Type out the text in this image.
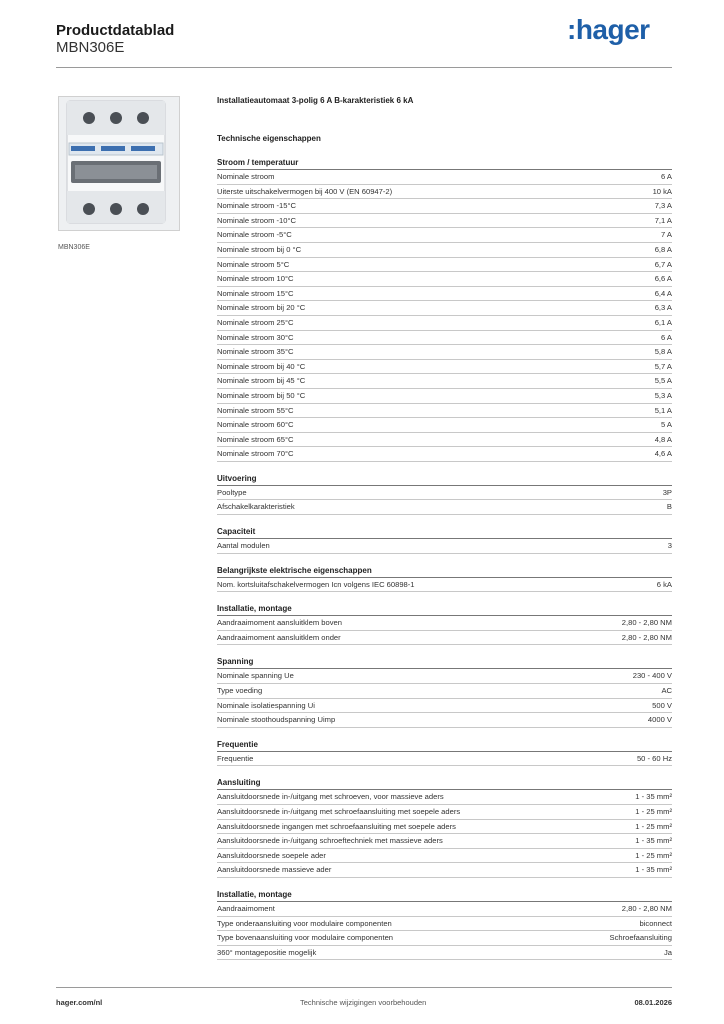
Productdatablad
MBN306E
:hager
MBN306E
Installatieautomaat 3-polig 6 A B-karakteristiek 6 kA
Technische eigenschappen
Stroom / temperatuur
Nominale stroom	6 A
Uiterste uitschakelvermogen bij 400 V (EN 60947-2)	10 kA
Nominale stroom -15°C	7,3 A
Nominale stroom -10°C	7,1 A
Nominale stroom -5°C	7 A
Nominale stroom bij 0 °C	6,8 A
Nominale stroom 5°C	6,7 A
Nominale stroom 10°C	6,6 A
Nominale stroom 15°C	6,4 A
Nominale stroom bij 20 °C	6,3 A
Nominale stroom 25°C	6,1 A
Nominale stroom 30°C	6 A
Nominale stroom 35°C	5,8 A
Nominale stroom bij 40 °C	5,7 A
Nominale stroom bij 45 °C	5,5 A
Nominale stroom bij 50 °C	5,3 A
Nominale stroom 55°C	5,1 A
Nominale stroom 60°C	5 A
Nominale stroom 65°C	4,8 A
Nominale stroom 70°C	4,6 A
Uitvoering
Pooltype	3P
Afschakelkarakteristiek	B
Capaciteit
Aantal modulen	3
Belangrijkste elektrische eigenschappen
Nom. kortsluitafschakelvermogen Icn volgens IEC 60898-1	6 kA
Installatie, montage
Aandraaimoment aansluitklem boven	2,80 - 2,80 NM
Aandraaimoment aansluitklem onder	2,80 - 2,80 NM
Spanning
Nominale spanning Ue	230 - 400 V
Type voeding	AC
Nominale isolatiespanning Ui	500 V
Nominale stoothoudspanning Uimp	4000 V
Frequentie
Frequentie	50 - 60 Hz
Aansluiting
Aansluitdoorsnede in-/uitgang met schroeven, voor massieve aders	1 - 35 mm²
Aansluitdoorsnede in-/uitgang met schroefaansluiting met soepele aders	1 - 25 mm²
Aansluitdoorsnede ingangen met schroefaansluiting met soepele aders	1 - 25 mm²
Aansluitdoorsnede in-/uitgang schroeftechniek met massieve aders	1 - 35 mm²
Aansluitdoorsnede soepele ader	1 - 25 mm²
Aansluitdoorsnede massieve ader	1 - 35 mm²
Installatie, montage
Aandraaimoment	2,80 - 2,80 NM
Type onderaansluiting voor modulaire componenten	biconnect
Type bovenaansluiting voor modulaire componenten	Schroefaansluiting
360° montagepositie mogelijk	Ja
hager.com/nl	Technische wijzigingen voorbehouden	08.01.2026
